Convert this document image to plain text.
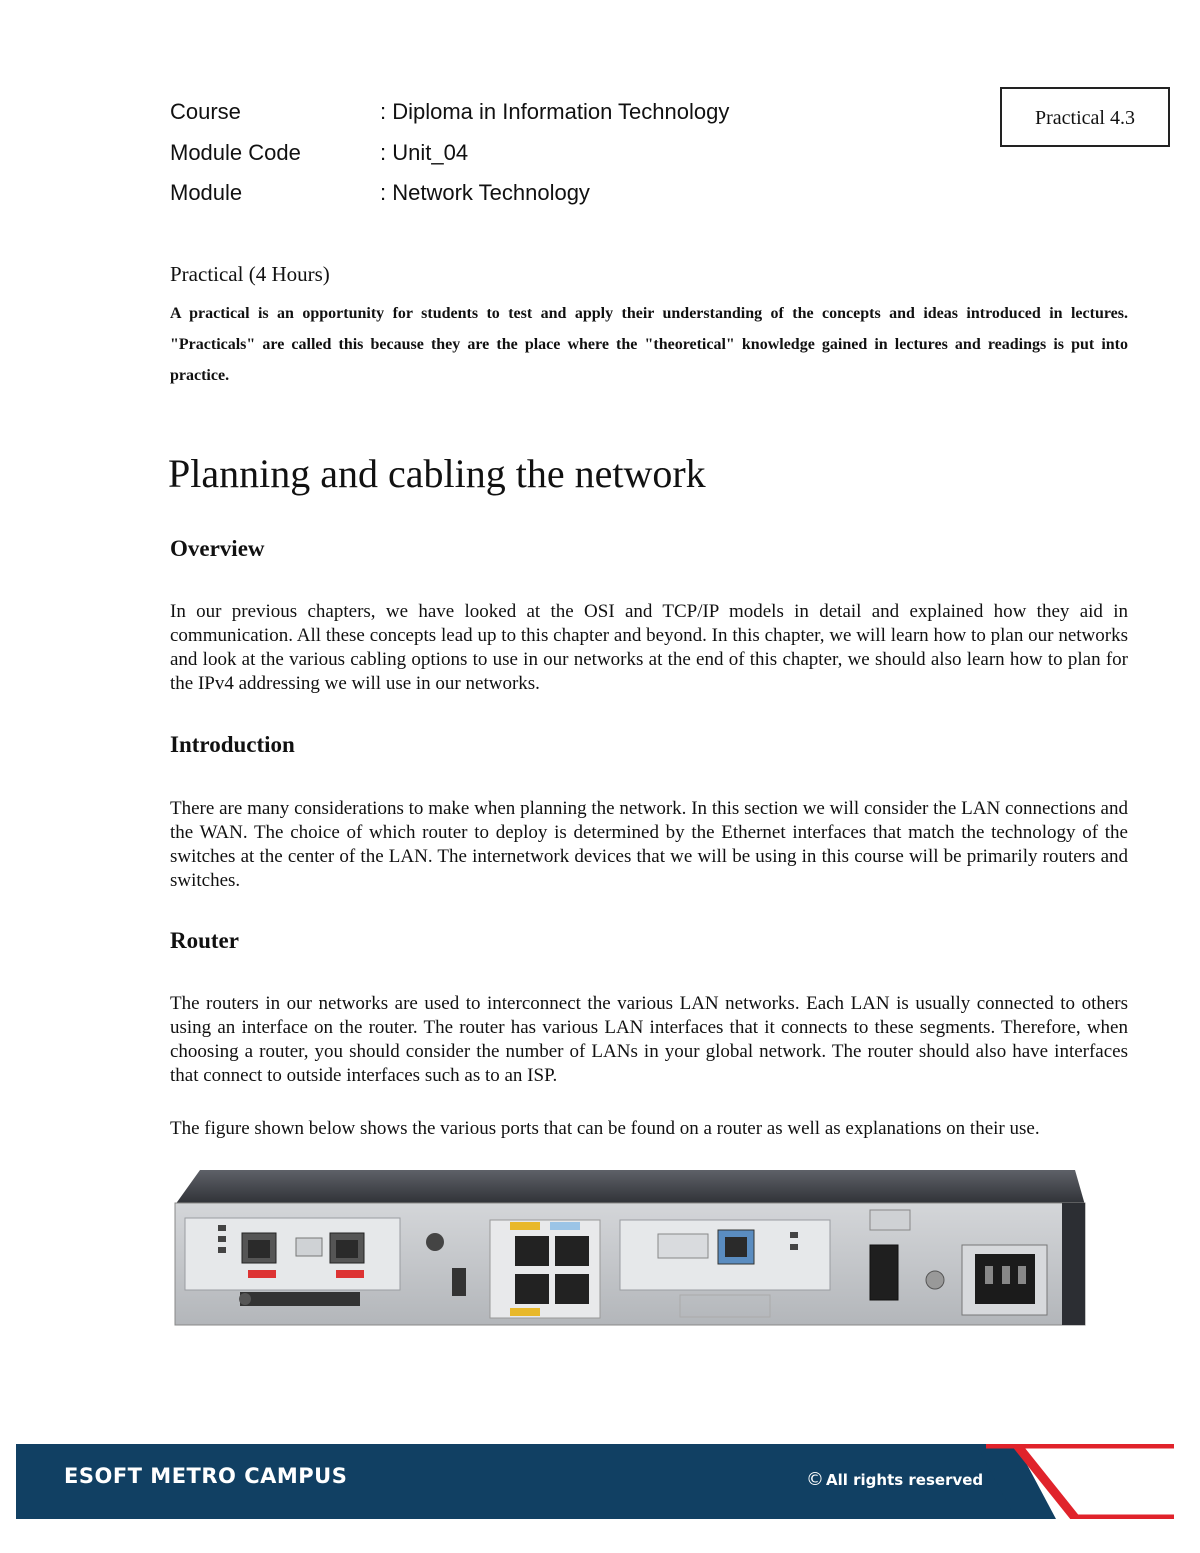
Course	: Diploma in Information Technology
Module Code	: Unit_04
Module	: Network Technology
Practical 4.3
Practical (4 Hours)
A practical is an opportunity for students to test and apply their understanding of the concepts and ideas introduced in lectures. "Practicals" are called this because they are the place where the "theoretical" knowledge gained in lectures and readings is put into practice.
Planning and cabling the network
Overview

In our previous chapters, we have looked at the OSI and TCP/IP models in detail and explained how they aid in communication. All these concepts lead up to this chapter and beyond. In this chapter, we will learn how to plan our networks and look at the various cabling options to use in our networks at the end of this chapter, we should also learn how to plan for the IPv4 addressing we will use in our networks.

Introduction

There are many considerations to make when planning the network. In this section we will consider the LAN connections and the WAN. The choice of which router to deploy is determined by the Ethernet interfaces that match the technology of the switches at the center of the LAN. The internetwork devices that we will be using in this course will be primarily routers and switches.

Router

The routers in our networks are used to interconnect the various LAN networks. Each LAN is usually connected to others using an interface on the router. The router has various LAN interfaces that it connects to these segments. Therefore, when choosing a router, you should consider the number of LANs in your global network. The router should also have interfaces that connect to outside interfaces such as to an ISP.

The figure shown below shows the various ports that can be found on a router as well as explanations on their use.

ESOFT METRO CAMPUS	© All rights reserved
